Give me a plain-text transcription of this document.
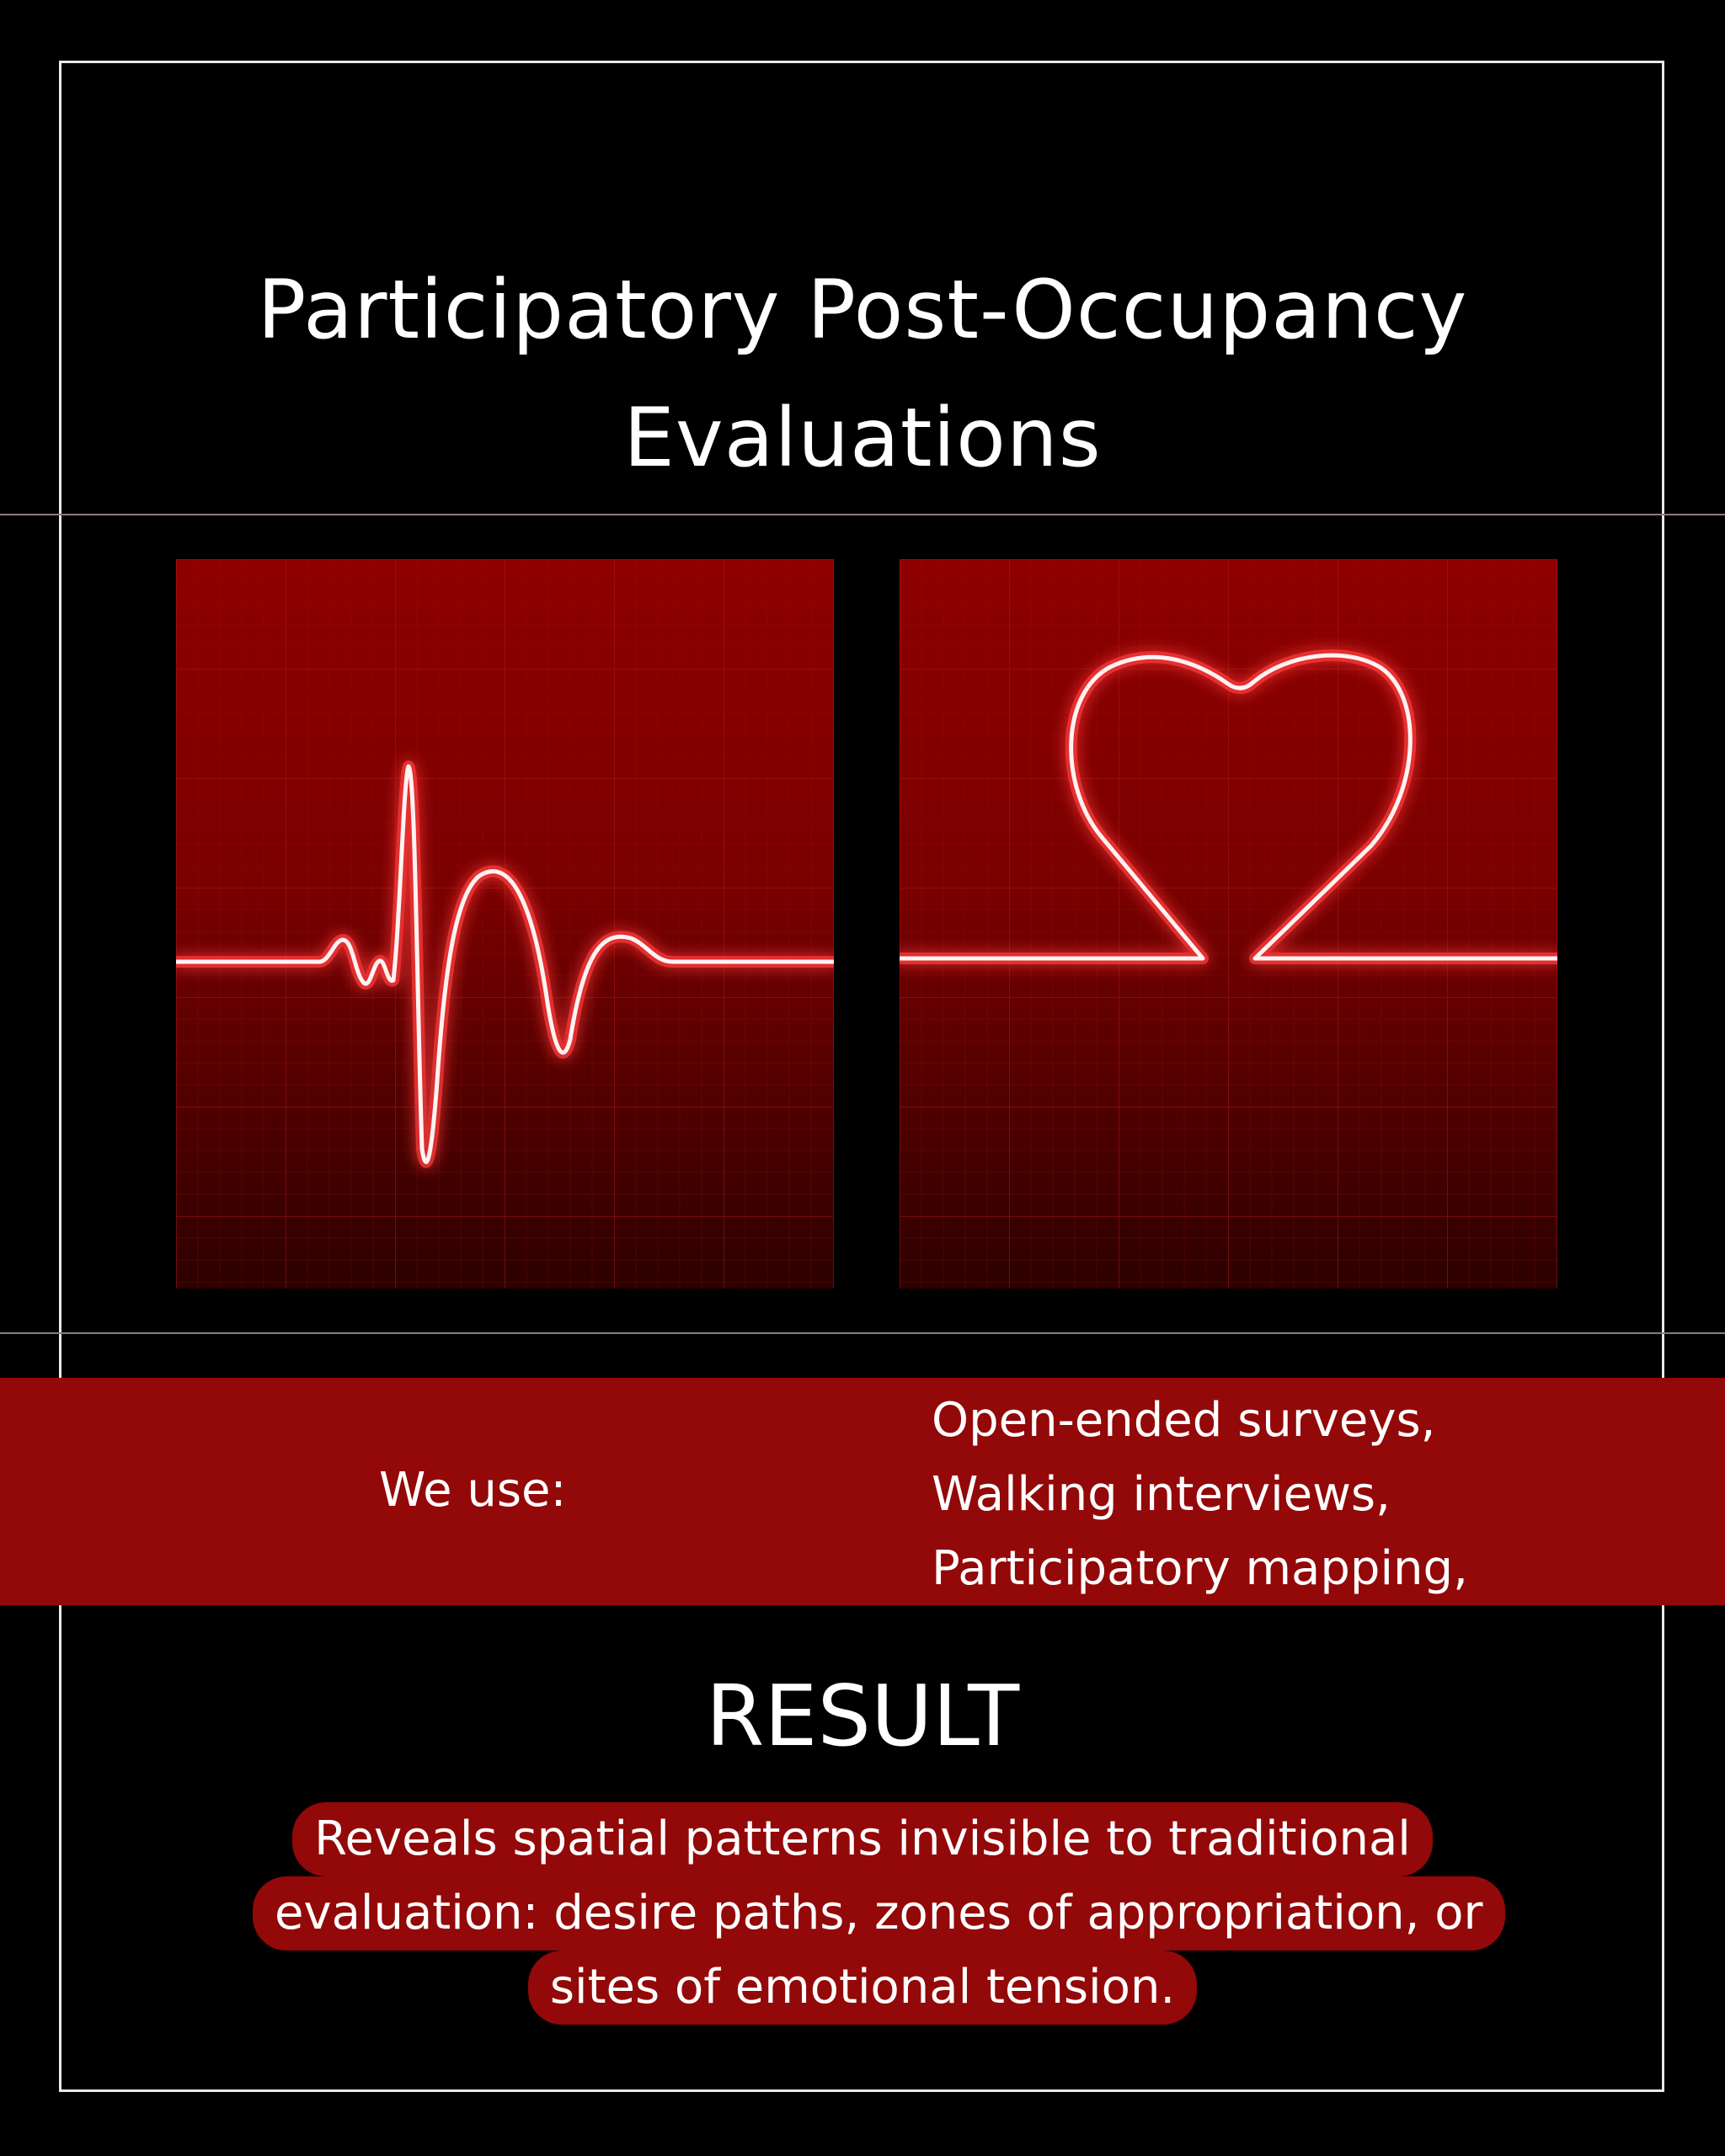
Participatory Post-Occupancy
Evaluations
We use:
Open-ended surveys,
Walking interviews,
Participatory mapping,
RESULT
Reveals spatial patterns invisible to traditional
evaluation: desire paths, zones of appropriation, or
sites of emotional tension.
